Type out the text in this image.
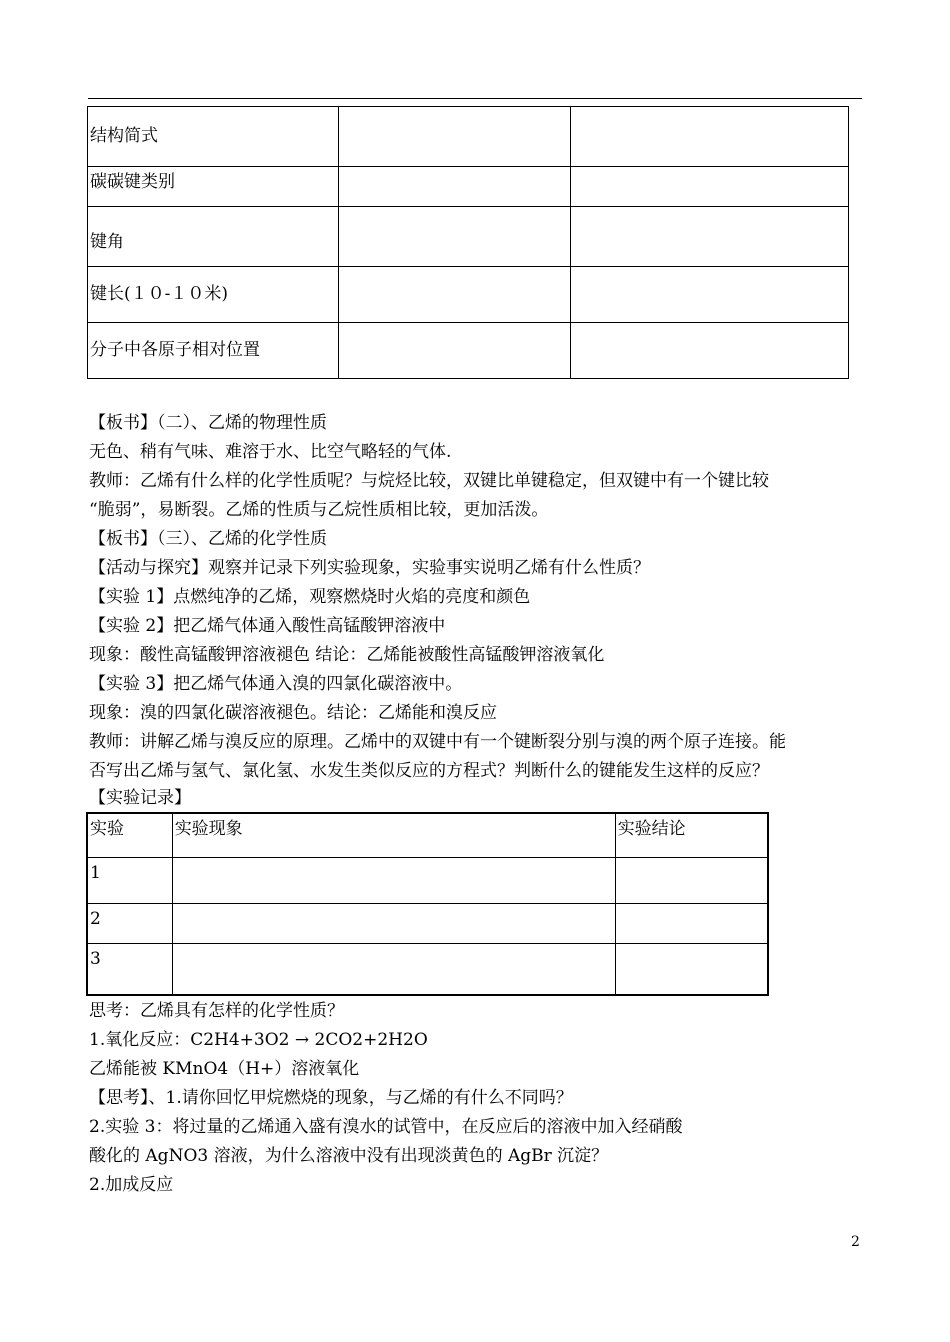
结构简式		
碳碳键类别		
键角		
键长(１０-１０米)		
分子中各原子相对位置		
【板书】（二）、乙烯的物理性质
无色、稍有气味、难溶于水、比空气略轻的气体.
教师：乙烯有什么样的化学性质呢？与烷烃比较，双键比单键稳定，但双键中有一个键比较
“脆弱”，易断裂。乙烯的性质与乙烷性质相比较，更加活泼。
【板书】（三）、乙烯的化学性质
【活动与探究】观察并记录下列实验现象，实验事实说明乙烯有什么性质？
【实验 1】点燃纯净的乙烯，观察燃烧时火焰的亮度和颜色
【实验 2】把乙烯气体通入酸性高锰酸钾溶液中
现象：酸性高锰酸钾溶液褪色 结论：乙烯能被酸性高锰酸钾溶液氧化
【实验 3】把乙烯气体通入溴的四氯化碳溶液中。
现象：溴的四氯化碳溶液褪色。结论：乙烯能和溴反应
教师：讲解乙烯与溴反应的原理。乙烯中的双键中有一个键断裂分别与溴的两个原子连接。能
否写出乙烯与氢气、氯化氢、水发生类似反应的方程式？判断什么的键能发生这样的反应？
【实验记录】
实验	实验现象	实验结论
1		
2		
3		
思考：乙烯具有怎样的化学性质？
1.氧化反应：C2H4+3O2 → 2CO2+2H2O
乙烯能被 KMnO4（H+）溶液氧化
【思考】、1.请你回忆甲烷燃烧的现象，与乙烯的有什么不同吗？
2.实验 3：将过量的乙烯通入盛有溴水的试管中，在反应后的溶液中加入经硝酸
酸化的 AgNO3 溶液，为什么溶液中没有出现淡黄色的 AgBr 沉淀？
2.加成反应
2
